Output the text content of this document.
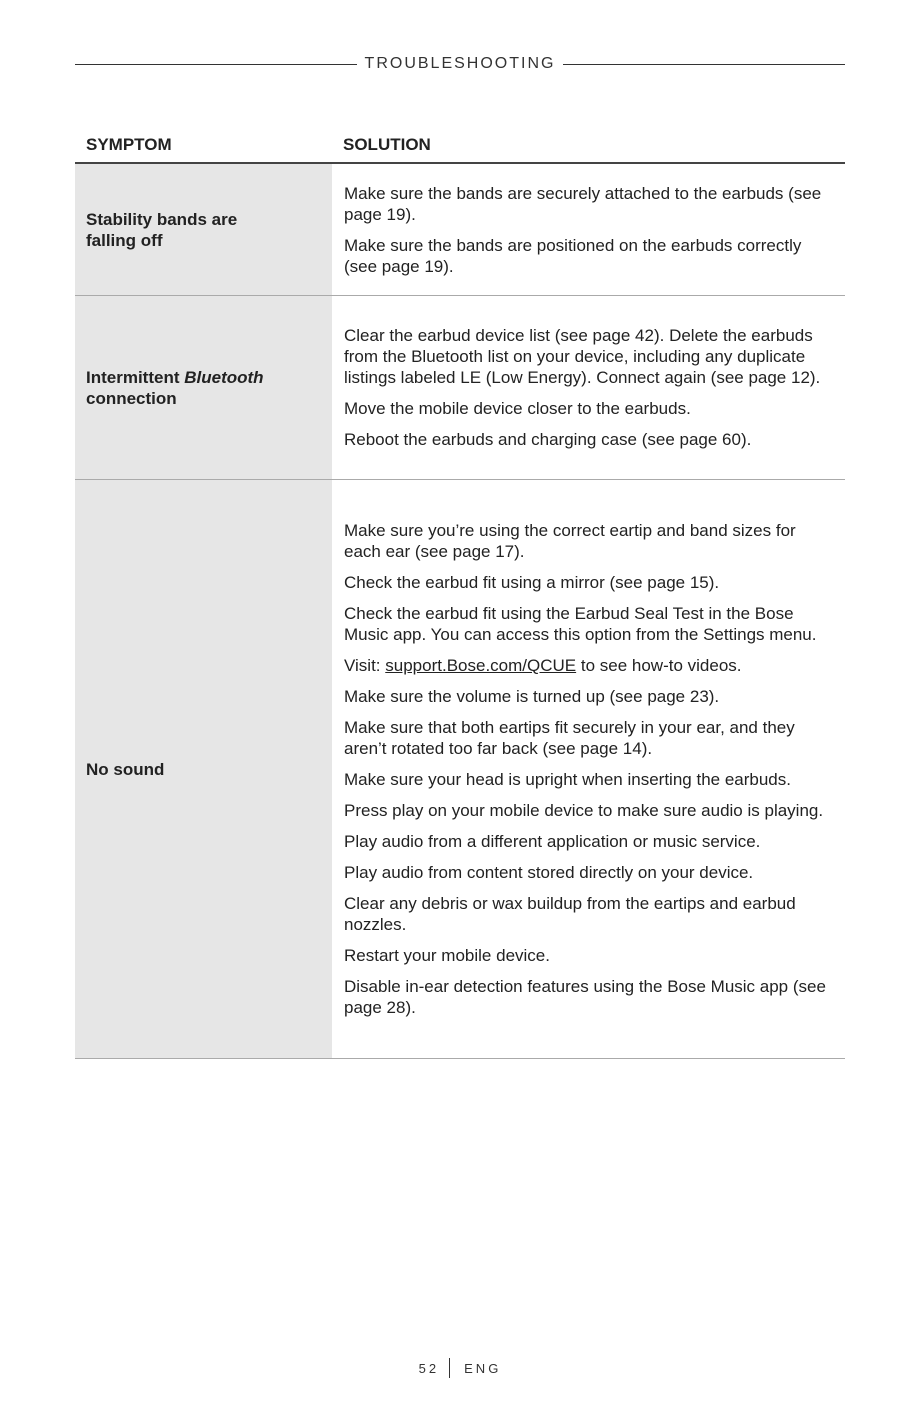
TROUBLESHOOTING
SYMPTOM	SOLUTION
Stability bands are falling off

Make sure the bands are securely attached to the earbuds (see page 19).

Make sure the bands are positioned on the earbuds correctly (see page 19).

Intermittent Bluetooth connection

Clear the earbud device list (see page 42). Delete the earbuds from the Bluetooth list on your device, including any duplicate listings labeled LE (Low Energy). Connect again (see page 12).

Move the mobile device closer to the earbuds.

Reboot the earbuds and charging case (see page 60).

No sound

Make sure you’re using the correct eartip and band sizes for each ear (see page 17).

Check the earbud fit using a mirror (see page 15).

Check the earbud fit using the Earbud Seal Test in the Bose Music app. You can access this option from the Settings menu.

Visit: support.Bose.com/QCUE to see how-to videos.

Make sure the volume is turned up (see page 23).

Make sure that both eartips fit securely in your ear, and they aren’t rotated too far back (see page 14).

Make sure your head is upright when inserting the earbuds.

Press play on your mobile device to make sure audio is playing.

Play audio from a different application or music service.

Play audio from content stored directly on your device.

Clear any debris or wax buildup from the eartips and earbud nozzles.

Restart your mobile device.

Disable in-ear detection features using the Bose Music app (see page 28).

52 ENG
